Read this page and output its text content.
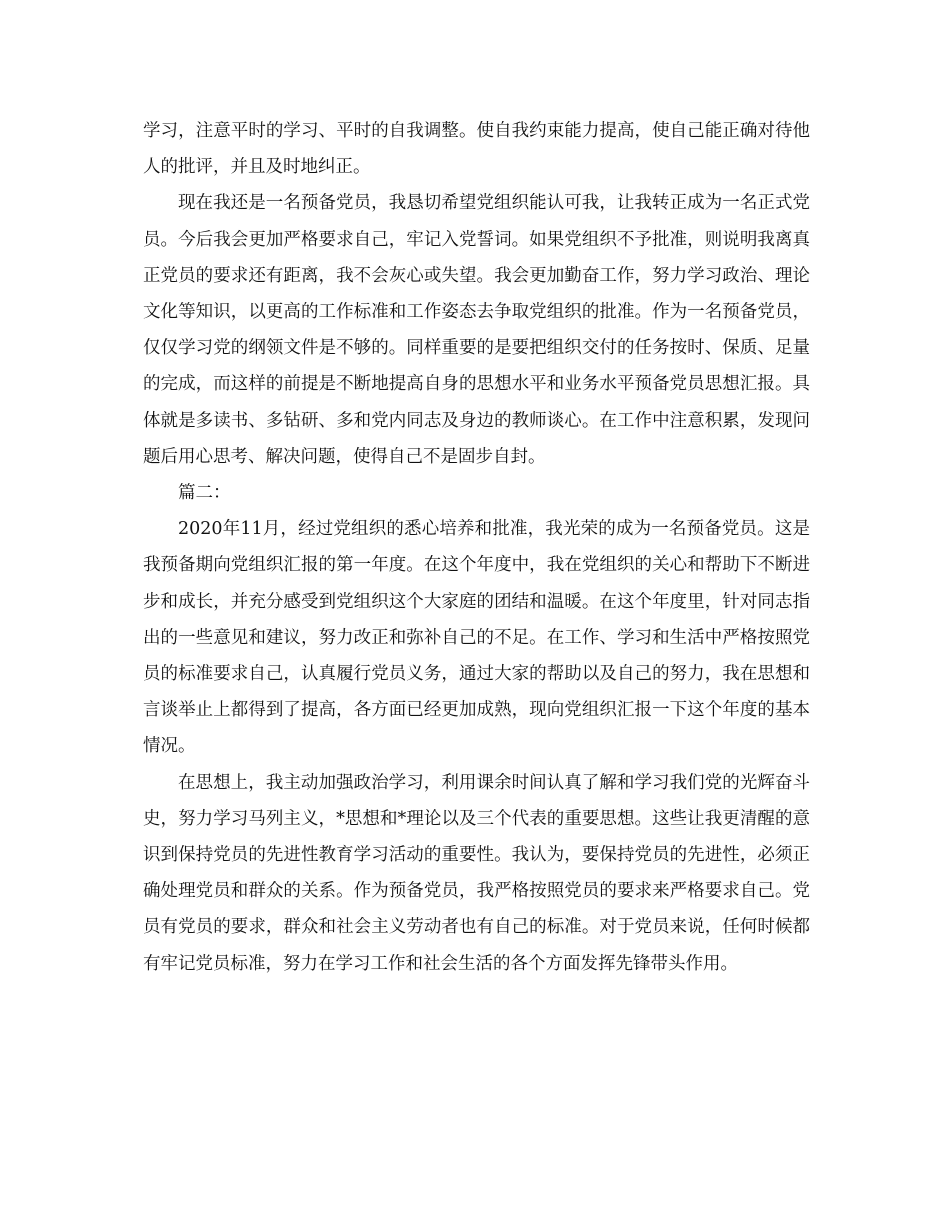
学习，注意平时的学习、平时的自我调整。使自我约束能力提高，使自己能正确对待他人的批评，并且及时地纠正。

现在我还是一名预备党员，我恳切希望党组织能认可我，让我转正成为一名正式党员。今后我会更加严格要求自己，牢记入党誓词。如果党组织不予批准，则说明我离真正党员的要求还有距离，我不会灰心或失望。我会更加勤奋工作，努力学习政治、理论文化等知识，以更高的工作标准和工作姿态去争取党组织的批准。作为一名预备党员，仅仅学习党的纲领文件是不够的。同样重要的是要把组织交付的任务按时、保质、足量的完成，而这样的前提是不断地提高自身的思想水平和业务水平预备党员思想汇报。具体就是多读书、多钻研、多和党内同志及身边的教师谈心。在工作中注意积累，发现问题后用心思考、解决问题，使得自己不是固步自封。

篇二：

2020年11月，经过党组织的悉心培养和批准，我光荣的成为一名预备党员。这是我预备期向党组织汇报的第一年度。在这个年度中，我在党组织的关心和帮助下不断进步和成长，并充分感受到党组织这个大家庭的团结和温暖。在这个年度里，针对同志指出的一些意见和建议，努力改正和弥补自己的不足。在工作、学习和生活中严格按照党员的标准要求自己，认真履行党员义务，通过大家的帮助以及自己的努力，我在思想和言谈举止上都得到了提高，各方面已经更加成熟，现向党组织汇报一下这个年度的基本情况。

在思想上，我主动加强政治学习，利用课余时间认真了解和学习我们党的光辉奋斗史，努力学习马列主义，*思想和*理论以及三个代表的重要思想。这些让我更清醒的意识到保持党员的先进性教育学习活动的重要性。我认为，要保持党员的先进性，必须正确处理党员和群众的关系。作为预备党员，我严格按照党员的要求来严格要求自己。党员有党员的要求，群众和社会主义劳动者也有自己的标准。对于党员来说，任何时候都有牢记党员标准，努力在学习工作和社会生活的各个方面发挥先锋带头作用。
